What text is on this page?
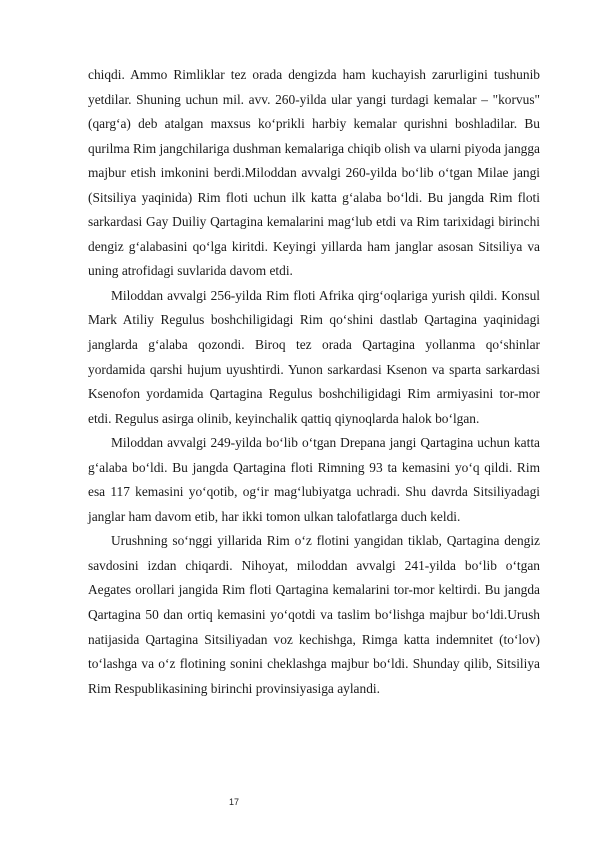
chiqdi. Ammo Rimliklar tez orada dengizda ham kuchayish zarurligini tushunib yetdilar. Shuning uchun mil. avv. 260-yilda ular yangi turdagi kemalar – "korvus" (qarg‘a) deb atalgan maxsus ko‘prikli harbiy kemalar qurishni boshladilar. Bu qurilma Rim jangchilariga dushman kemalariga chiqib olish va ularni piyoda jangga majbur etish imkonini berdi.Miloddan avvalgi 260-yilda bo‘lib o‘tgan Milae jangi (Sitsiliya yaqinida) Rim floti uchun ilk katta g‘alaba bo‘ldi. Bu jangda Rim floti sarkardasi Gay Duiliy Qartagina kemalarini mag‘lub etdi va Rim tarixidagi birinchi dengiz g‘alabasini qo‘lga kiritdi. Keyingi yillarda ham janglar asosan Sitsiliya va uning atrofidagi suvlarida davom etdi.

Miloddan avvalgi 256-yilda Rim floti Afrika qirg‘oqlariga yurish qildi. Konsul Mark Atiliy Regulus boshchiligidagi Rim qo‘shini dastlab Qartagina yaqinidagi janglarda g‘alaba qozondi. Biroq tez orada Qartagina yollanma qo‘shinlar yordamida qarshi hujum uyushtirdi. Yunon sarkardasi Ksenon va sparta sarkardasi Ksenofon yordamida Qartagina Regulus boshchiligidagi Rim armiyasini tor-mor etdi. Regulus asirga olinib, keyinchalik qattiq qiynoqlarda halok bo‘lgan.

Miloddan avvalgi 249-yilda bo‘lib o‘tgan Drepana jangi Qartagina uchun katta g‘alaba bo‘ldi. Bu jangda Qartagina floti Rimning 93 ta kemasini yo‘q qildi. Rim esa 117 kemasini yo‘qotib, og‘ir mag‘lubiyatga uchradi. Shu davrda Sitsiliyadagi janglar ham davom etib, har ikki tomon ulkan talofatlarga duch keldi.

Urushning so‘nggi yillarida Rim o‘z flotini yangidan tiklab, Qartagina dengiz savdosini izdan chiqardi. Nihoyat, miloddan avvalgi 241-yilda bo‘lib o‘tgan Aegates orollari jangida Rim floti Qartagina kemalarini tor-mor keltirdi. Bu jangda Qartagina 50 dan ortiq kemasini yo‘qotdi va taslim bo‘lishga majbur bo‘ldi.Urush natijasida Qartagina Sitsiliyadan voz kechishga, Rimga katta indemnitet (to‘lov) to‘lashga va o‘z flotining sonini cheklashga majbur bo‘ldi. Shunday qilib, Sitsiliya Rim Respublikasining birinchi provinsiyasiga aylandi.

17
